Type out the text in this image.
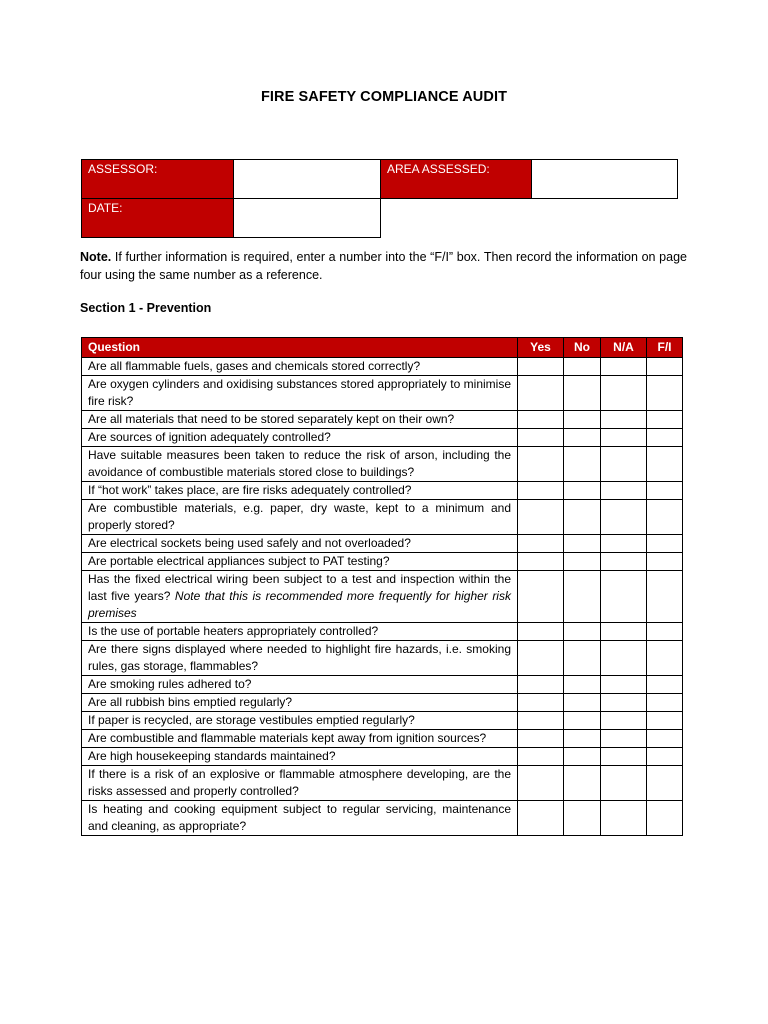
FIRE SAFETY COMPLIANCE AUDIT
ASSESSOR:		AREA ASSESSED:	
DATE:			
Note. If further information is required, enter a number into the “F/I” box. Then record the information on page four using the same number as a reference.
Section 1 - Prevention
Question	Yes	No	N/A	F/I
Are all flammable fuels, gases and chemicals stored correctly?				
Are oxygen cylinders and oxidising substances stored appropriately to minimise fire risk?				
Are all materials that need to be stored separately kept on their own?				
Are sources of ignition adequately controlled?				
Have suitable measures been taken to reduce the risk of arson, including the avoidance of combustible materials stored close to buildings?				
If “hot work” takes place, are fire risks adequately controlled?				
Are combustible materials, e.g. paper, dry waste, kept to a minimum and properly stored?				
Are electrical sockets being used safely and not overloaded?				
Are portable electrical appliances subject to PAT testing?				
Has the fixed electrical wiring been subject to a test and inspection within the last five years? Note that this is recommended more frequently for higher risk premises				
Is the use of portable heaters appropriately controlled?				
Are there signs displayed where needed to highlight fire hazards, i.e. smoking rules, gas storage, flammables?				
Are smoking rules adhered to?				
Are all rubbish bins emptied regularly?				
If paper is recycled, are storage vestibules emptied regularly?				
Are combustible and flammable materials kept away from ignition sources?				
Are high housekeeping standards maintained?				
If there is a risk of an explosive or flammable atmosphere developing, are the risks assessed and properly controlled?				
Is heating and cooking equipment subject to regular servicing, maintenance and cleaning, as appropriate?				
